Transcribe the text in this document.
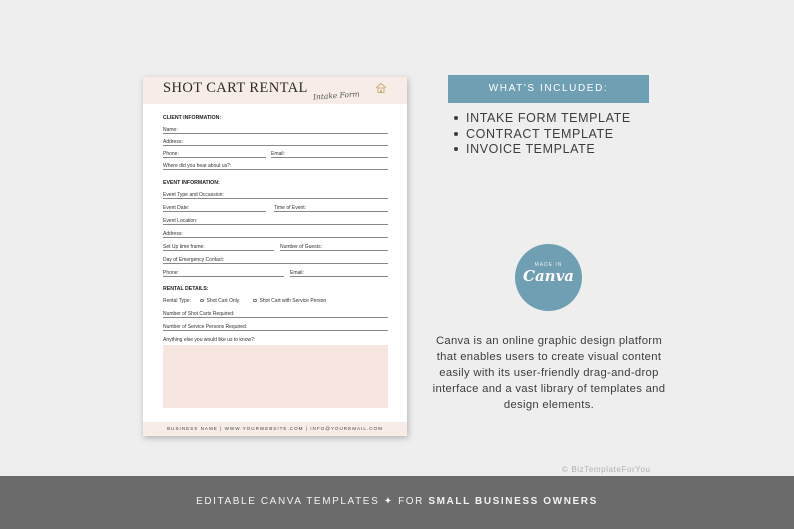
SHOT CART RENTAL Intake Form
CLIENT INFORMATION:
Name:
Address:
Phone:	Email:
Where did you hear about us?:
EVENT INFORMATION:
Event Type and Occassion:
Event Date:	Time of Event:
Event Location:
Address:
Set Up time frame:	Number of Guests:
Day of Emergency Contact:
Phone:	Email:
RENTAL DETAILS:
Rental Type:	Shot Cart Only	Shot Cart with Service Person
Number of Shot Carts Required:
Number of Service Persons Required:
Anything else you would like us to know?:
BUSINESS NAME | WWW.YOURWEBSITE.COM | INFO@YOUREMAIL.COM
WHAT'S INCLUDED:
INTAKE FORM TEMPLATE
CONTRACT TEMPLATE
INVOICE TEMPLATE
MADE IN
Canva
Canva is an online graphic design platform that enables users to create visual content easily with its user-friendly drag-and-drop interface and a vast library of templates and design elements.
© BizTemplateForYou
EDITABLE CANVA TEMPLATES ✦ FOR SMALL BUSINESS OWNERS
